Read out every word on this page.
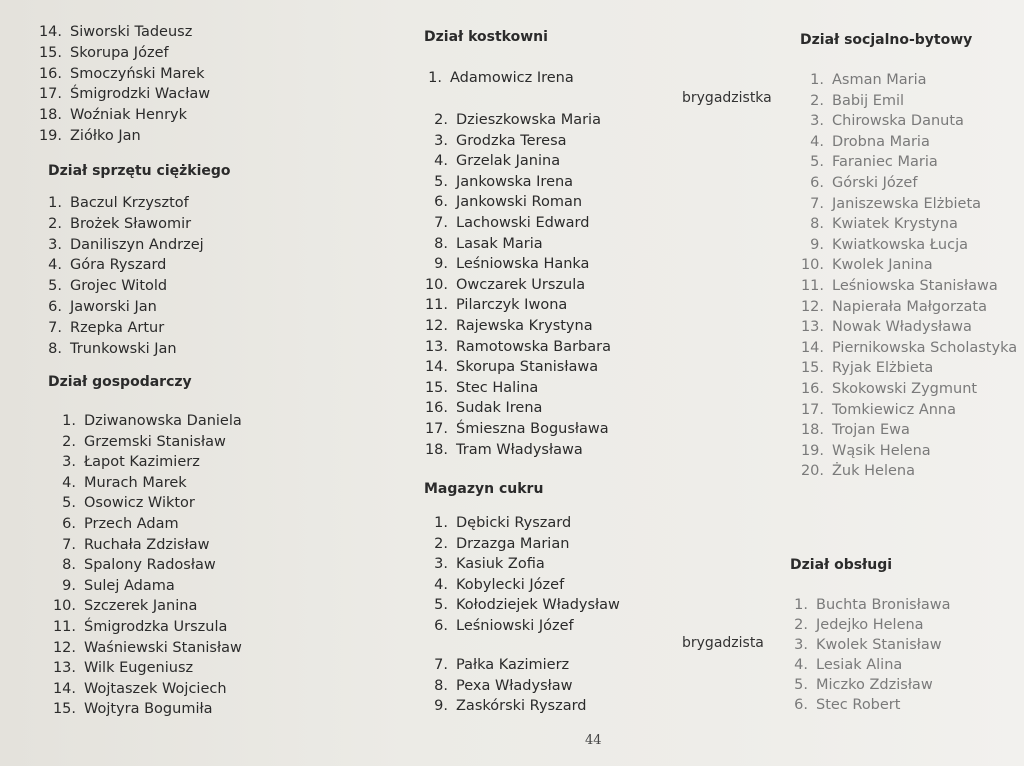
14. Siworski Tadeusz
15. Skorupa Józef
16. Smoczyński Marek
17. Śmigrodzki Wacław
18. Woźniak Henryk
19. Ziółko Jan
Dział sprzętu ciężkiego
1. Baczul Krzysztof
2. Brożek Sławomir
3. Daniliszyn Andrzej
4. Góra Ryszard
5. Grojec Witold
6. Jaworski Jan
7. Rzepka Artur
8. Trunkowski Jan
Dział gospodarczy
1. Dziwanowska Daniela
2. Grzemski Stanisław
3. Łapot Kazimierz
4. Murach Marek
5. Osowicz Wiktor
6. Przech Adam
7. Ruchała Zdzisław
8. Spalony Radosław
9. Sulej Adama
10. Szczerek Janina
11. Śmigrodzka Urszula
12. Waśniewski Stanisław
13. Wilk Eugeniusz
14. Wojtaszek Wojciech
15. Wojtyra Bogumiła
Dział kostkowni
1. Adamowicz Irena
brygadzistka
2. Dzieszkowska Maria
3. Grodzka Teresa
4. Grzelak Janina
5. Jankowska Irena
6. Jankowski Roman
7. Lachowski Edward
8. Lasak Maria
9. Leśniowska Hanka
10. Owczarek Urszula
11. Pilarczyk Iwona
12. Rajewska Krystyna
13. Ramotowska Barbara
14. Skorupa Stanisława
15. Stec Halina
16. Sudak Irena
17. Śmieszna Bogusława
18. Tram Władysława
Magazyn cukru
1. Dębicki Ryszard
2. Drzazga Marian
3. Kasiuk Zofia
4. Kobylecki Józef
5. Kołodziejek Władysław
6. Leśniowski Józef
brygadzista
7. Pałka Kazimierz
8. Pexa Władysław
9. Zaskórski Ryszard
Dział socjalno-bytowy
1. Asman Maria
2. Babij Emil
3. Chirowska Danuta
4. Drobna Maria
5. Faraniec Maria
6. Górski Józef
7. Janiszewska Elżbieta
8. Kwiatek Krystyna
9. Kwiatkowska Łucja
10. Kwolek Janina
11. Leśniowska Stanisława
12. Napierała Małgorzata
13. Nowak Władysława
14. Piernikowska Scholastyka
15. Ryjak Elżbieta
16. Skokowski Zygmunt
17. Tomkiewicz Anna
18. Trojan Ewa
19. Wąsik Helena
20. Żuk Helena
Dział obsługi
1. Buchta Bronisława
2. Jedejko Helena
3. Kwolek Stanisław
4. Lesiak Alina
5. Miczko Zdzisław
6. Stec Robert
44
